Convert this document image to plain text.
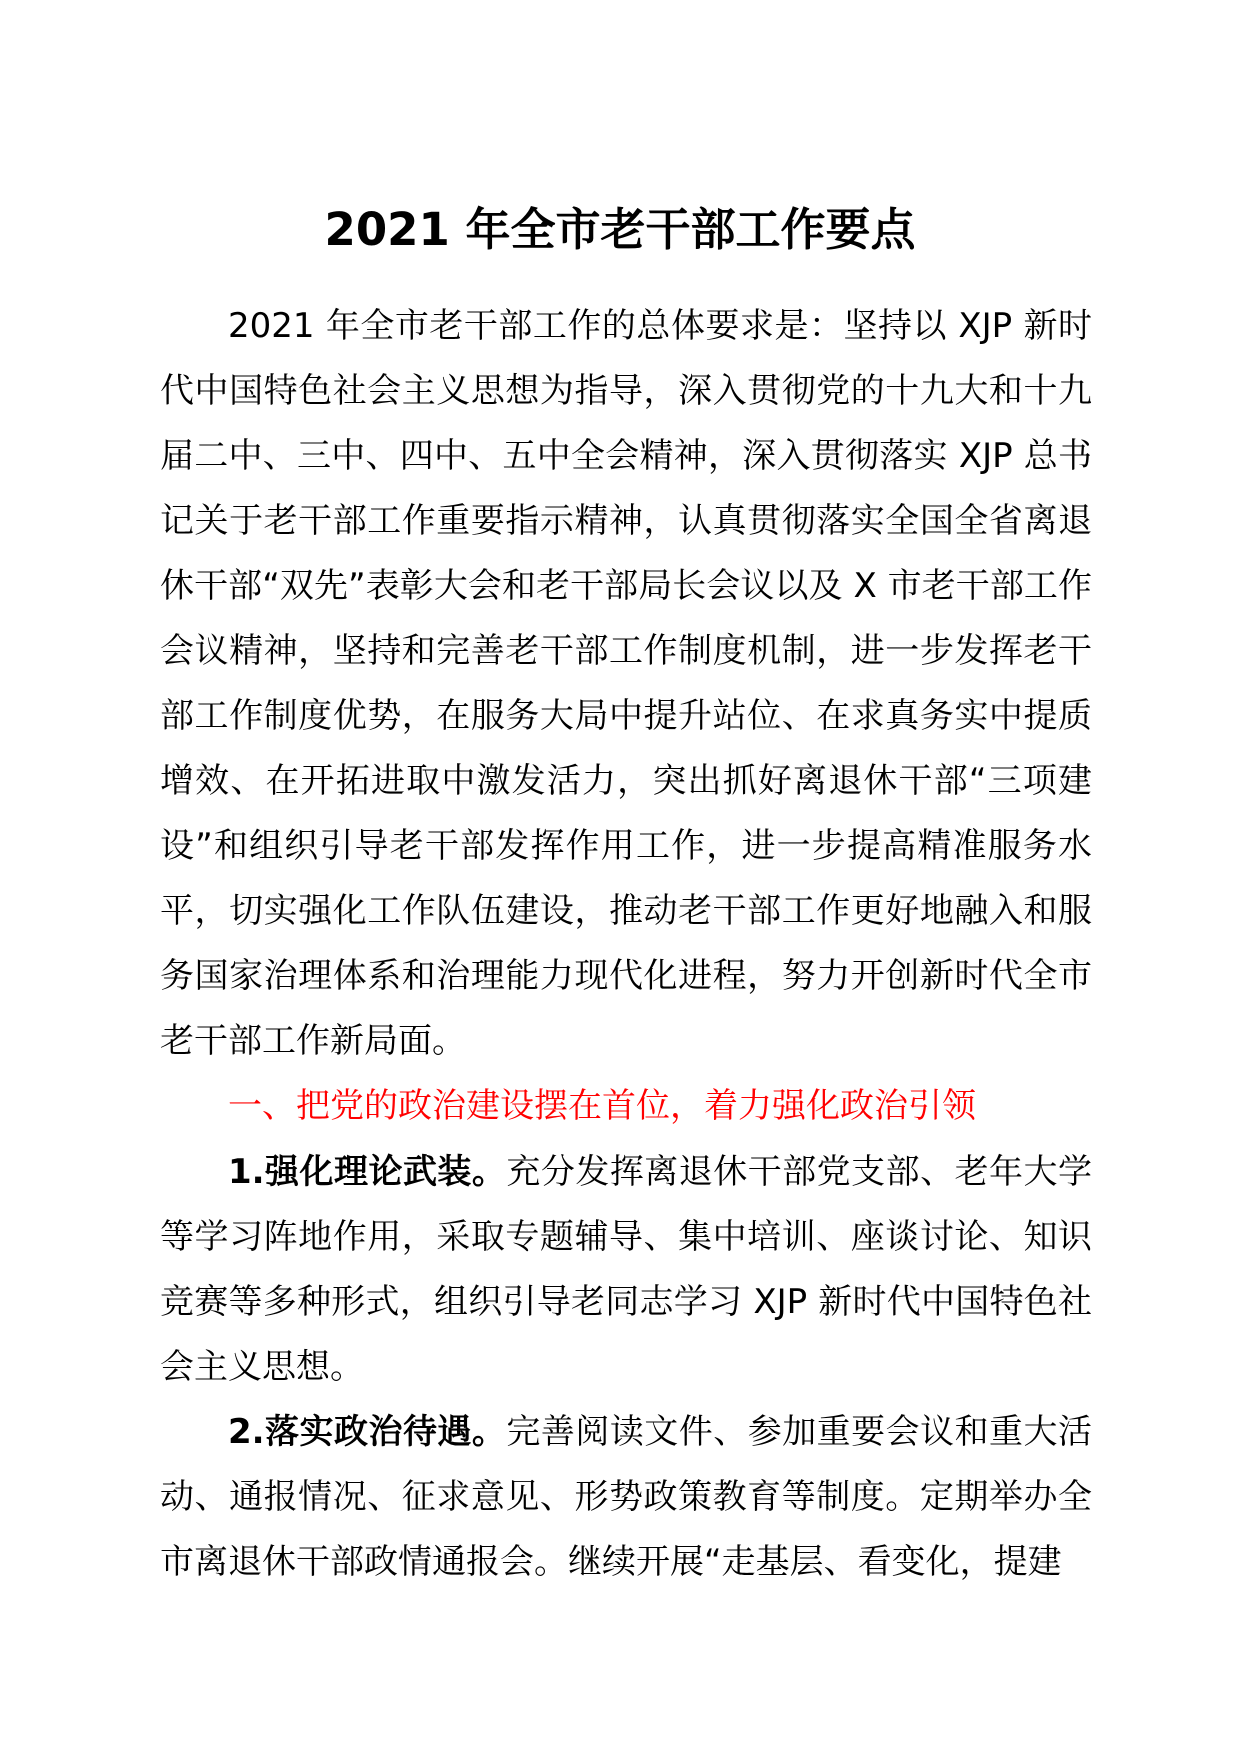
2021 年全市老干部工作要点

2021 年全市老干部工作的总体要求是：坚持以 XJP 新时代中国特色社会主义思想为指导，深入贯彻党的十九大和十九届二中、三中、四中、五中全会精神，深入贯彻落实 XJP 总书记关于老干部工作重要指示精神，认真贯彻落实全国全省离退休干部“双先”表彰大会和老干部局长会议以及 X 市老干部工作会议精神，坚持和完善老干部工作制度机制，进一步发挥老干部工作制度优势，在服务大局中提升站位、在求真务实中提质增效、在开拓进取中激发活力，突出抓好离退休干部“三项建设”和组织引导老干部发挥作用工作，进一步提高精准服务水平，切实强化工作队伍建设，推动老干部工作更好地融入和服务国家治理体系和治理能力现代化进程，努力开创新时代全市老干部工作新局面。

一、把党的政治建设摆在首位，着力强化政治引领

1.强化理论武装。充分发挥离退休干部党支部、老年大学等学习阵地作用，采取专题辅导、集中培训、座谈讨论、知识竞赛等多种形式，组织引导老同志学习 XJP 新时代中国特色社会主义思想。

2.落实政治待遇。完善阅读文件、参加重要会议和重大活动、通报情况、征求意见、形势政策教育等制度。定期举办全市离退休干部政情通报会。继续开展“走基层、看变化，提建
